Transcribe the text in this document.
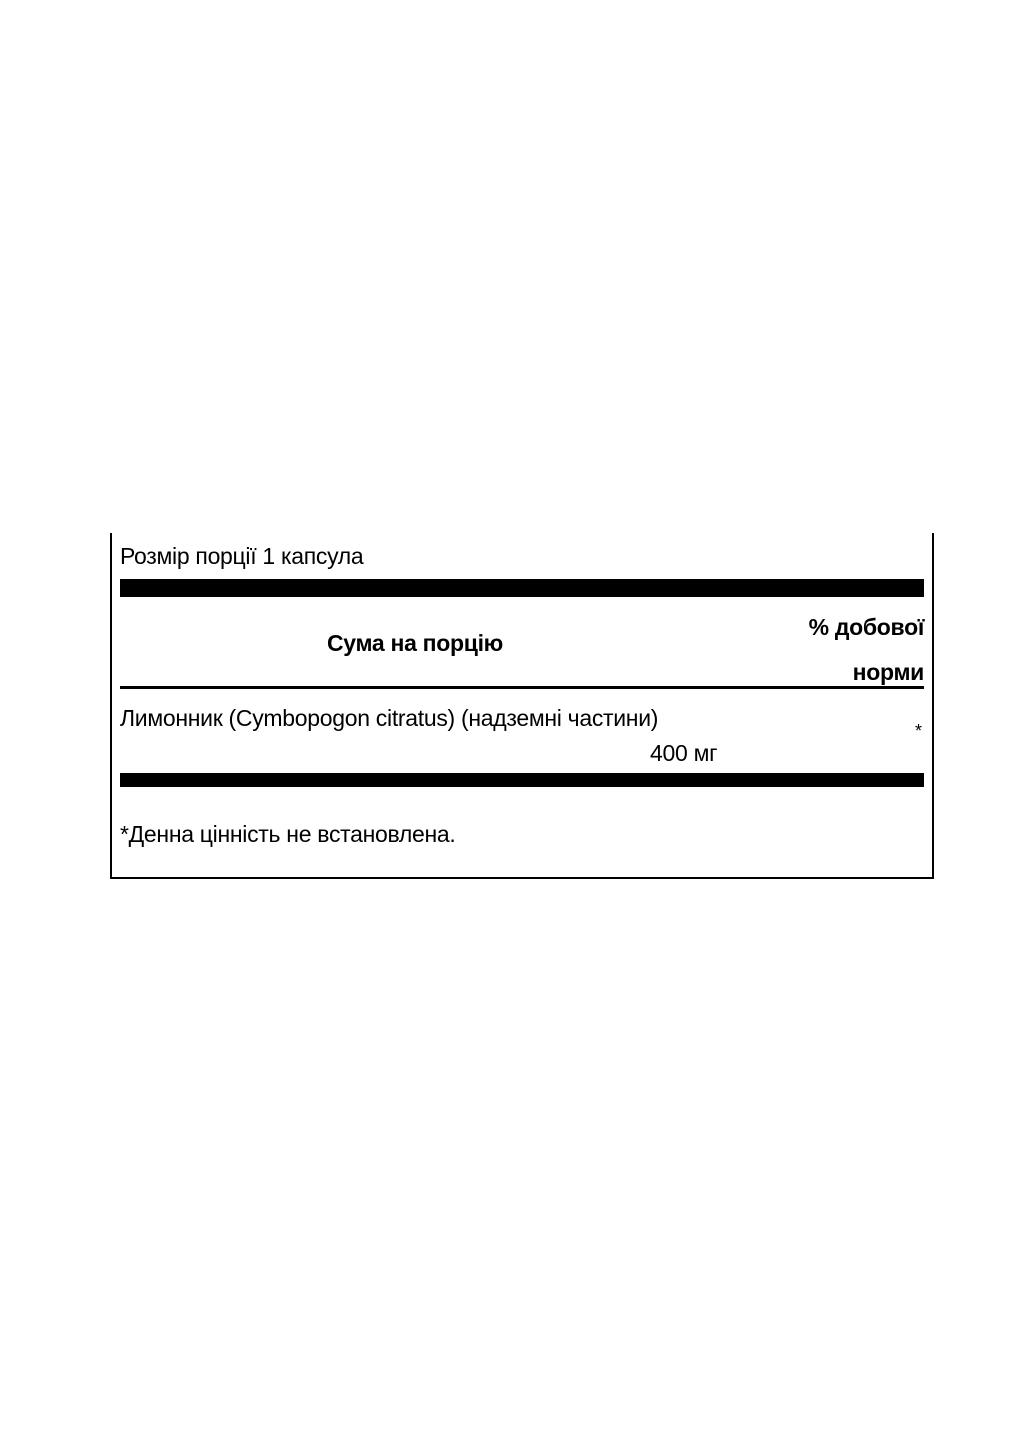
Розмір порції 1 капсула
Сума на порцію
% добової
норми
Лимонник (Cymbopogon citratus) (надземні частини)
400 мг
*
*Денна цінність не встановлена.
